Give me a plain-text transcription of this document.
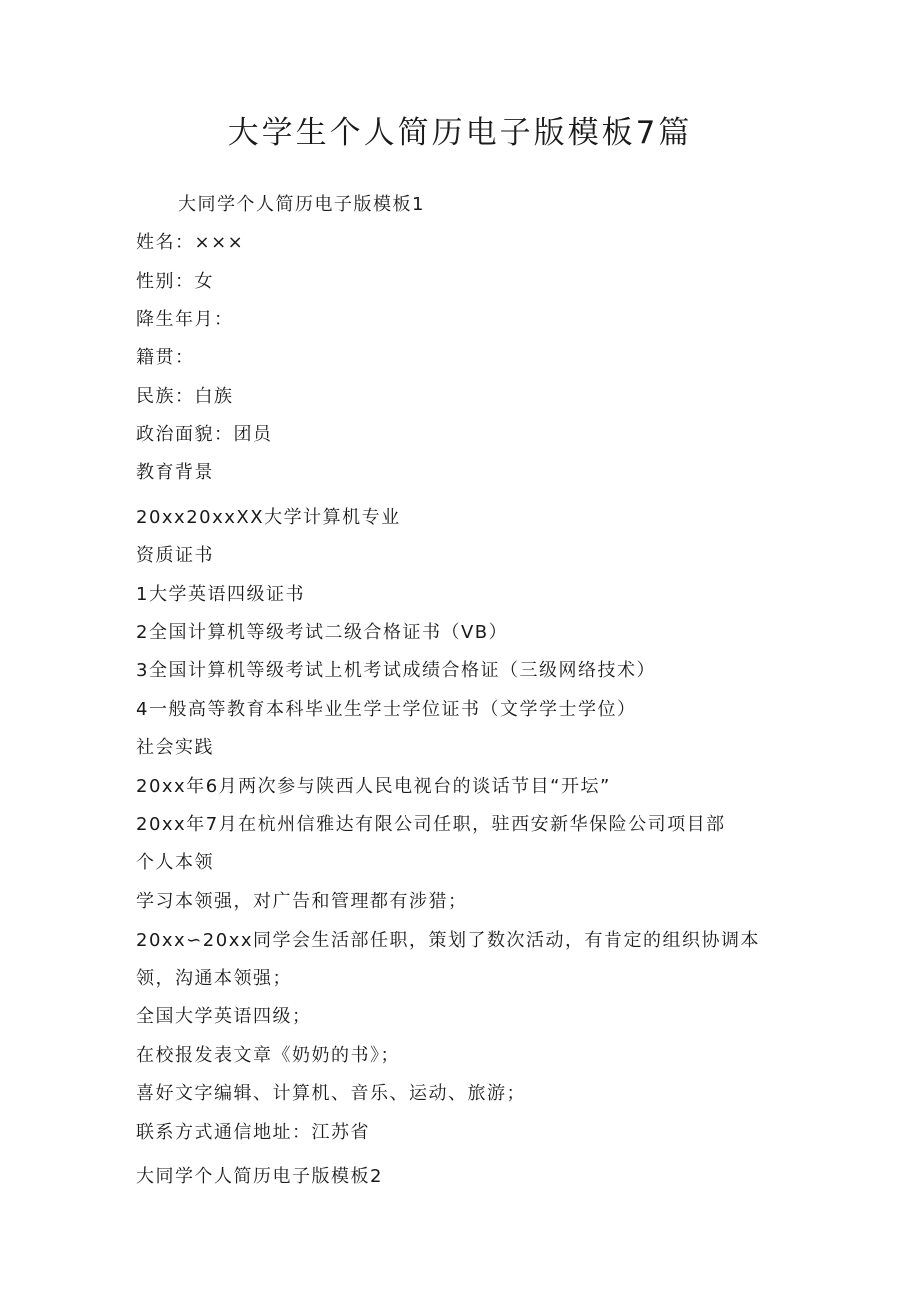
大学生个人简历电子版模板7篇
大同学个人简历电子版模板1
姓名：×××
性别：女
降生年月：
籍贯：
民族：白族
政治面貌：团员
教育背景
20xx20xxXX大学计算机专业
资质证书
1大学英语四级证书
2全国计算机等级考试二级合格证书（VB）
3全国计算机等级考试上机考试成绩合格证（三级网络技术）
4一般高等教育本科毕业生学士学位证书（文学学士学位）
社会实践
20xx年6月两次参与陕西人民电视台的谈话节目“开坛”
20xx年7月在杭州信雅达有限公司任职，驻西安新华保险公司项目部
个人本领
学习本领强，对广告和管理都有涉猎；
20xx∽20xx同学会生活部任职，策划了数次活动，有肯定的组织协调本
领，沟通本领强；
全国大学英语四级；
在校报发表文章《奶奶的书》；
喜好文字编辑、计算机、音乐、运动、旅游；
联系方式通信地址：江苏省
大同学个人简历电子版模板2
